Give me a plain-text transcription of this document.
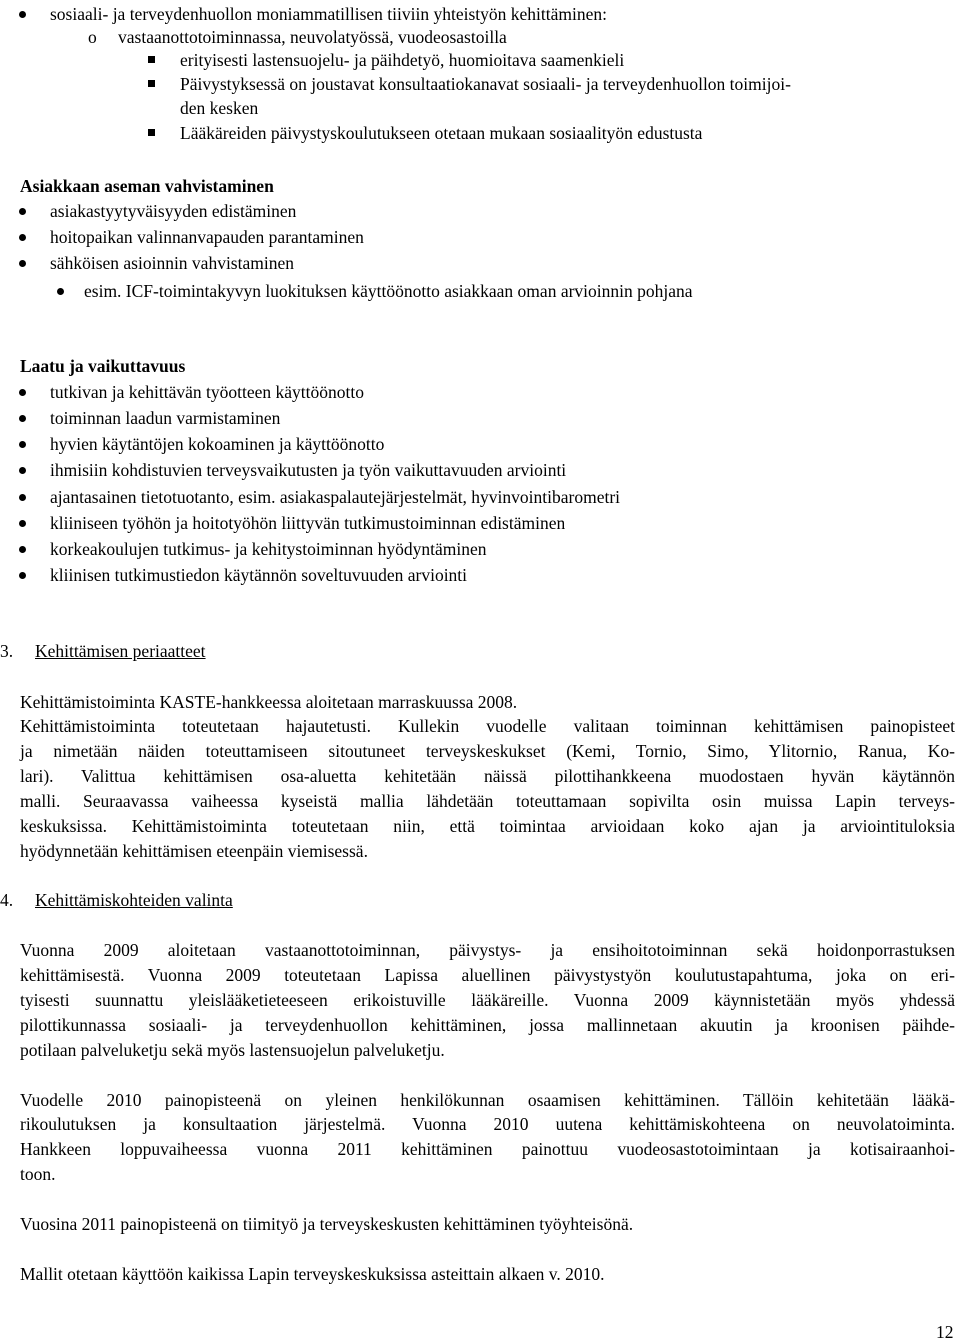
sosiaali- ja terveydenhuollon moniammatillisen tiiviin yhteistyön kehittäminen:
o vastaanottotoiminnassa, neuvolatyössä, vuodeosastoilla
erityisesti lastensuojelu- ja päihdetyö, huomioitava saamenkieli
Päivystyksessä on joustavat konsultaatiokanavat sosiaali- ja terveydenhuollon toimijoi-
den kesken
Lääkäreiden päivystyskoulutukseen otetaan mukaan sosiaalityön edustusta
Asiakkaan aseman vahvistaminen
asiakastyytyväisyyden edistäminen
hoitopaikan valinnanvapauden parantaminen
sähköisen asioinnin vahvistaminen
esim. ICF-toimintakyvyn luokituksen käyttöönotto asiakkaan oman arvioinnin pohjana
Laatu ja vaikuttavuus
tutkivan ja kehittävän työotteen käyttöönotto
toiminnan laadun varmistaminen
hyvien käytäntöjen kokoaminen ja käyttöönotto
ihmisiin kohdistuvien terveysvaikutusten ja työn vaikuttavuuden arviointi
ajantasainen tietotuotanto, esim. asiakaspalautejärjestelmät, hyvinvointibarometri
kliiniseen työhön ja hoitotyöhön liittyvän tutkimustoiminnan edistäminen
korkeakoulujen tutkimus- ja kehitystoiminnan hyödyntäminen
kliinisen tutkimustiedon käytännön soveltuvuuden arviointi
3. Kehittämisen periaatteet
Kehittämistoiminta KASTE-hankkeessa aloitetaan marraskuussa 2008.
Kehittämistoiminta toteutetaan hajautetusti. Kullekin vuodelle valitaan toiminnan kehittämisen painopisteet
ja nimetään näiden toteuttamiseen sitoutuneet terveyskeskukset (Kemi, Tornio, Simo, Ylitornio, Ranua, Ko-
lari). Valittua kehittämisen osa-aluetta kehitetään näissä pilottihankkeena muodostaen hyvän käytännön
malli. Seuraavassa vaiheessa kyseistä mallia lähdetään toteuttamaan sopivilta osin muissa Lapin terveys-
keskuksissa. Kehittämistoiminta toteutetaan niin, että toimintaa arvioidaan koko ajan ja arviointituloksia
hyödynnetään kehittämisen eteenpäin viemisessä.
4. Kehittämiskohteiden valinta
Vuonna 2009 aloitetaan vastaanottotoiminnan, päivystys- ja ensihoitotoiminnan sekä hoidonporrastuksen
kehittämisestä. Vuonna 2009 toteutetaan Lapissa aluellinen päivystystyön koulutustapahtuma, joka on eri-
tyisesti suunnattu yleislääketieteeseen erikoistuville lääkäreille. Vuonna 2009 käynnistetään myös yhdessä
pilottikunnassa sosiaali- ja terveydenhuollon kehittäminen, jossa mallinnetaan akuutin ja kroonisen päihde-
potilaan palveluketju sekä myös lastensuojelun palveluketju.
Vuodelle 2010 painopisteenä on yleinen henkilökunnan osaamisen kehittäminen. Tällöin kehitetään lääkä-
rikoulutuksen ja konsultaation järjestelmä. Vuonna 2010 uutena kehittämiskohteena on neuvolatoiminta.
Hankkeen loppuvaiheessa vuonna 2011 kehittäminen painottuu vuodeosastotoimintaan ja kotisairaanhoi-
toon.
Vuosina 2011 painopisteenä on tiimityö ja terveyskeskusten kehittäminen työyhteisönä.
Mallit otetaan käyttöön kaikissa Lapin terveyskeskuksissa asteittain alkaen v. 2010.
12
